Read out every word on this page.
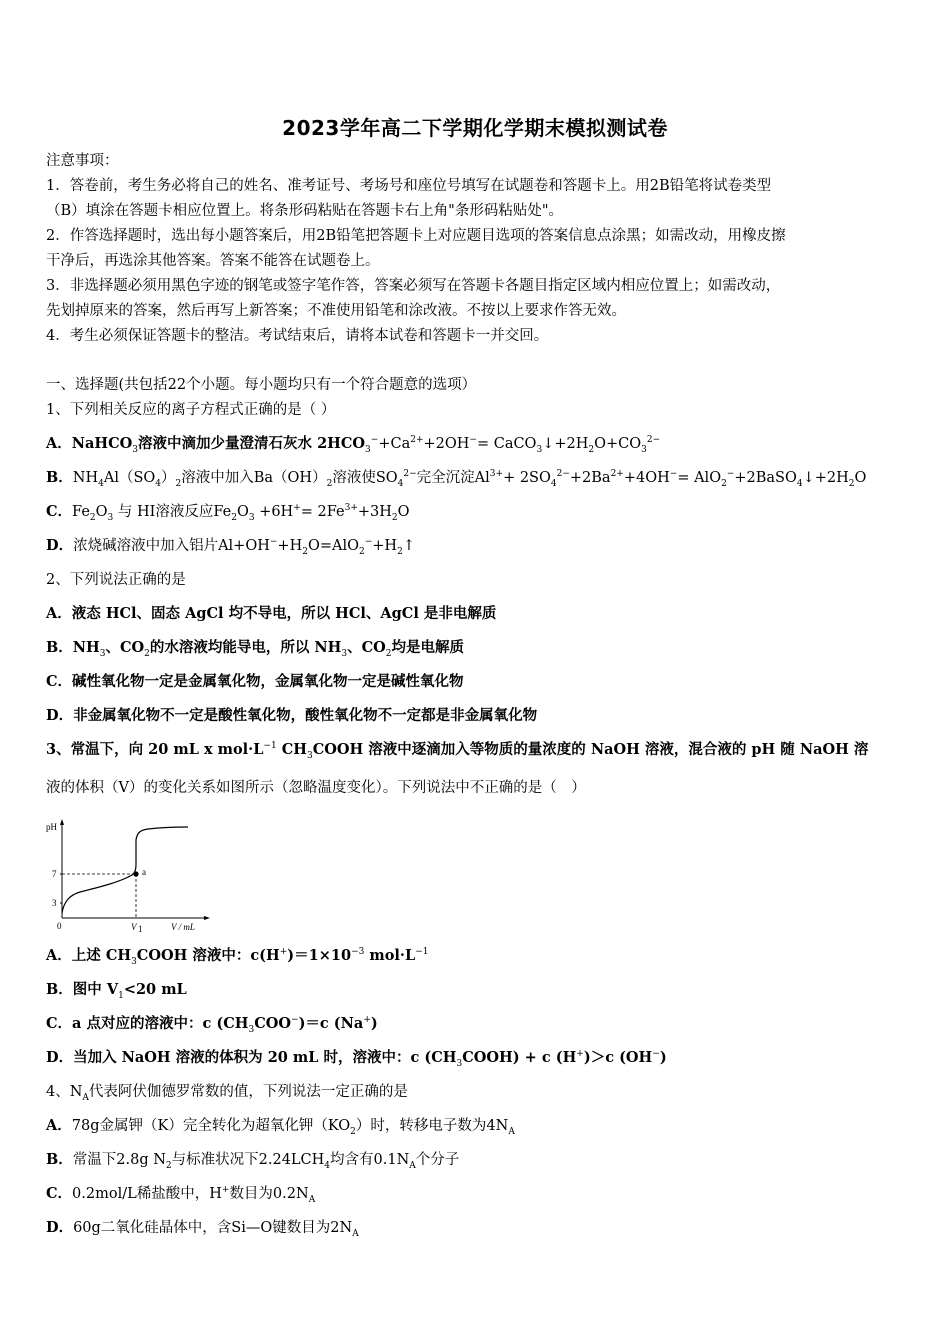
2023学年高二下学期化学期末模拟测试卷
注意事项：
1．答卷前，考生务必将自己的姓名、准考证号、考场号和座位号填写在试题卷和答题卡上。用2B铅笔将试卷类型
（B）填涂在答题卡相应位置上。将条形码粘贴在答题卡右上角"条形码粘贴处"。
2．作答选择题时，选出每小题答案后，用2B铅笔把答题卡上对应题目选项的答案信息点涂黑；如需改动，用橡皮擦
干净后，再选涂其他答案。答案不能答在试题卷上。
3．非选择题必须用黑色字迹的钢笔或签字笔作答，答案必须写在答题卡各题目指定区域内相应位置上；如需改动，
先划掉原来的答案，然后再写上新答案；不准使用铅笔和涂改液。不按以上要求作答无效。
4．考生必须保证答题卡的整洁。考试结束后，请将本试卷和答题卡一并交回。
一、选择题(共包括22个小题。每小题均只有一个符合题意的选项）
1、下列相关反应的离子方程式正确的是（ ）
A．NaHCO$_3$溶液中滴加少量澄清石灰水 $2HCO_3^-+Ca^{2+}+2OH^-=$ $CaCO_3↓+2H_2O+CO_3^{2-}$
B．$NH_4Al(SO_4)_2$溶液中加入$Ba(OH)_2$溶液使$SO_4^{2-}$完全沉淀$Al^{3+}+ 2SO_4^{2-}+2Ba^{2+}+4OH^-=$ $AlO_2^-+2BaSO_4↓+2H_2O$
C．$Fe_2O_3$ 与 HI溶液反应$Fe_2O_3 +6H^+= 2Fe^{3+}+3H_2O$
D．浓烧碱溶液中加入铝片$Al+OH^-+H_2O=AlO_2^-+H_2↑$
2、下列说法正确的是
A．液态 HCl、固态 AgCl 均不导电，所以 HCl、AgCl 是非电解质
B．$NH_3$、$CO_2$的水溶液均能导电，所以 $NH_3$、$CO_2$均是电解质
C．碱性氧化物一定是金属氧化物，金属氧化物一定是碱性氧化物
D．非金属氧化物不一定是酸性氧化物，酸性氧化物不一定都是非金属氧化物
3、常温下，向 20 mL x $mol\cdot L^{-1}$ $CH_3COOH$ 溶液中逐滴加入等物质的量浓度的 NaOH 溶液，混合液的 pH 随 NaOH 溶
液的体积（V）的变化关系如图所示（忽略温度变化）。下列说法中不正确的是（　）
pH
7
3
0	V 1	V / mL
a
A．上述 $CH_3COOH$ 溶液中：$c(H^+)=1\times 10^{-3}$ $mol\cdot L^{-1}$
B．图中 $V_1<20$ mL
C．a 点对应的溶液中：c $(CH_3COO^-)=c$ (Na+)
D．当加入 NaOH 溶液的体积为 20 mL 时，溶液中：c $(CH_3COOH) + c$ (H+)＞c (OH−)
4、$N_A$代表阿伏伽德罗常数的值，下列说法一定正确的是
A．78g金属钾（K）完全转化为超氧化钾$(KO_2)$时，转移电子数为$4N_A$
B．常温下2.8g $N_2$与标准状况下$2.24LCH_4$均含有$0.1N_A$个分子
C．0.2mol/L稀盐酸中，H+数目为$0.2N_A$
D．60g二氧化硅晶体中，含Si—O键数目为$2N_A$
